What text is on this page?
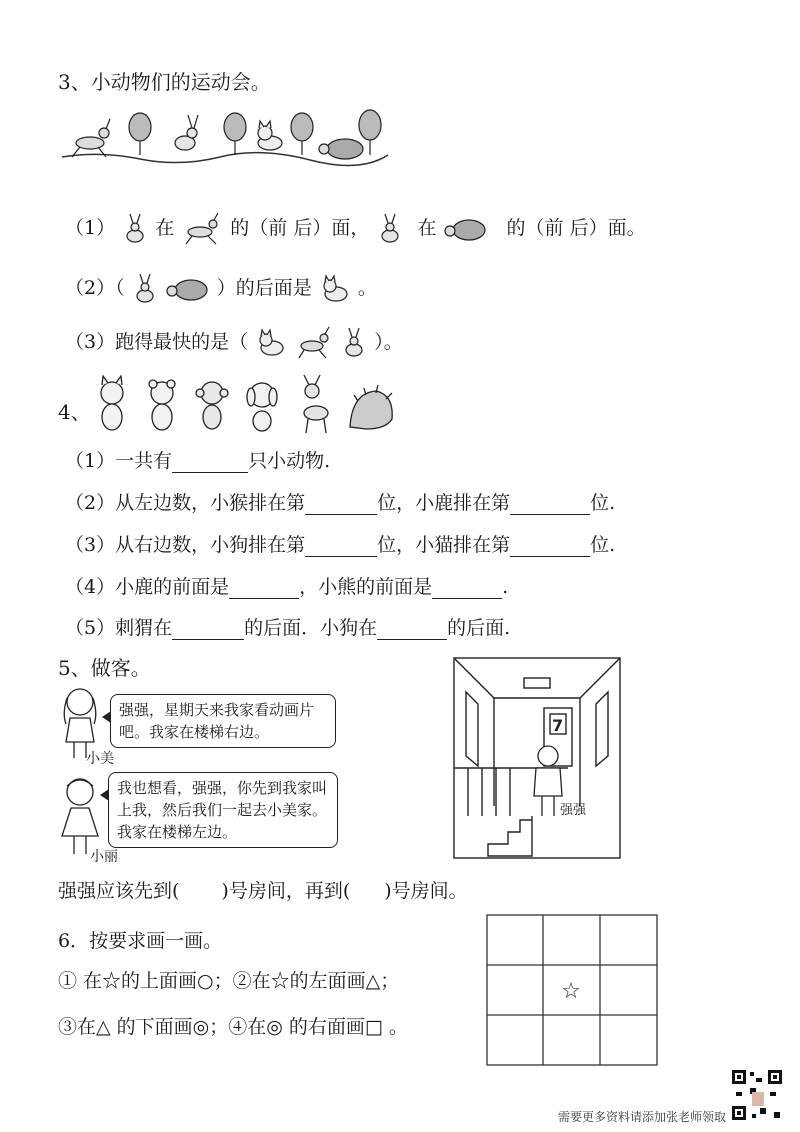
3、小动物们的运动会。
（1） 在	的（前 后）面，	在	的（前 后）面。
（2）（	）的后面是 。
（3）跑得最快的是（	）。
4、
（1）一共有	只小动物.
（2）从左边数，小猴排在第	位，小鹿排在第	位.
（3）从右边数，小狗排在第	位，小猫排在第	位.
（4）小鹿的前面是	，小熊的前面是	.
（5）刺猬在	的后面．小狗在	的后面.
5、做客。
小美
强强，星期天来我家看动画片吧。我家在楼梯右边。
小丽
我也想看，强强，你先到我家叫上我，然后我们一起去小美家。我家在楼梯左边。
7
强强
强强应该先到( )号房间，再到( )号房间。
6．按要求画一画。
① 在☆的上面画○；②在☆的左面画△；
③在△ 的下面画◎；④在◎ 的右面画□ 。
☆
需要更多资料请添加张老师领取
